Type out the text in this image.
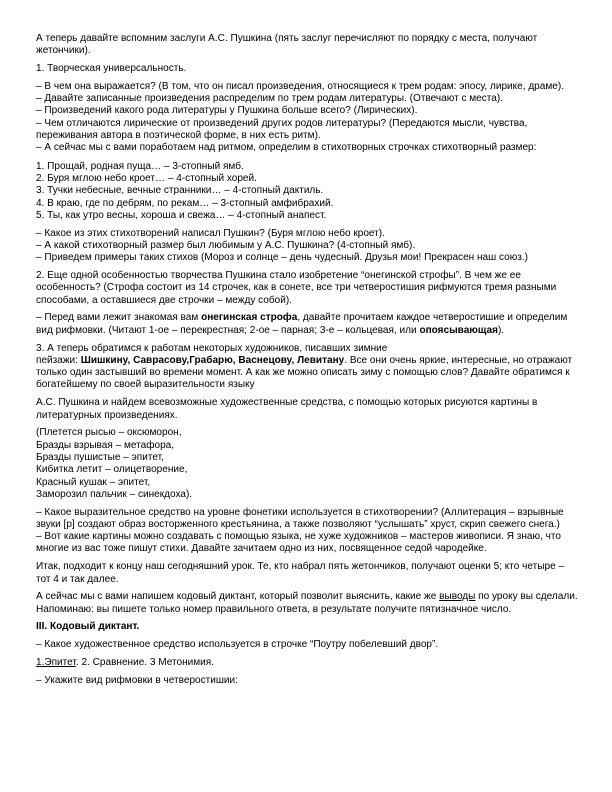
А теперь давайте вспомним заслуги А.С. Пушкина (пять заслуг перечисляют по порядку с места, получают жетончики).

1. Творческая универсальность.

– В чем она выражается? (В том, что он писал произведения, относящиеся к трем родам: эпосу, лирике, драме).
– Давайте записанные произведения распределим по трем родам литературы. (Отвечают с места).
– Произведений какого рода литературы у Пушкина больше всего? (Лирических).
– Чем отличаются лирические от произведений других родов литературы? (Передаются мысли, чувства, переживания автора в поэтической форме, в них есть ритм).
– А сейчас мы с вами поработаем над ритмом, определим в стихотворных строчках стихотворный размер:

1. Прощай, родная пуща… – 3-стопный ямб.
2. Буря мглою небо кроет… – 4-стопный хорей.
3. Тучки небесные, вечные странники… – 4-стопный дактиль.
4. В краю, где по дебрям, по рекам… – 3-стопный амфибрахий.
5. Ты, как утро весны, хороша и свежа… – 4-стопный анапест.

– Какое из этих стихотворений написал Пушкин? (Буря мглою небо кроет).
– А какой стихотворный размер был любимым у А.С. Пушкина? (4-стопный ямб).
– Приведем примеры таких стихов (Мороз и солнце – день чудесный. Друзья мои! Прекрасен наш союз.)

2. Еще одной особенностью творчества Пушкина стало изобретение “онегинской строфы”. В чем же ее особенность? (Строфа состоит из 14 строчек, как в сонете, все три четверостишия рифмуются тремя разными способами, а оставшиеся две строчки – между собой).

– Перед вами лежит знакомая вам онегинская строфа, давайте прочитаем каждое четверостишие и определим вид рифмовки. (Читают 1-ое – перекрестная; 2-ое – парная; 3-е – кольцевая, или опоясывающая).

3. А теперь обратимся к работам некоторых художников, писавших зимние
пейзажи: Шишкину, Саврасову,Грабарю, Васнецову, Левитану. Все они очень яркие, интересные, но отражают только один застывший во времени момент. А как же можно описать зиму с помощью слов? Давайте обратимся к богатейшему по своей выразительности языку

А.С. Пушкина и найдем всевозможные художественные средства, с помощью которых рисуются картины в литературных произведениях.

(Плетется рысью – оксюморон,
Бразды взрывая – метафора,
Бразды пушистые – эпитет,
Кибитка летит – олицетворение,
Красный кушак – эпитет,
Заморозил пальчик – синекдоха).

– Какое выразительное средство на уровне фонетики используется в стихотворении? (Аллитерация – взрывные звуки [р] создают образ восторженного крестьянина, а также позволяют “услышать” хруст, скрип свежего снега.)
– Вот какие картины можно создавать с помощью языка, не хуже художников – мастеров живописи. Я знаю, что многие из вас тоже пишут стихи. Давайте зачитаем одно из них, посвященное седой чародейке.

Итак, подходит к концу наш сегодняшний урок. Те, кто набрал пять жетончиков, получают оценки 5; кто четыре – тот 4 и так далее.

А сейчас мы с вами напишем кодовый диктант, который позволит выяснить, какие же выводы по уроку вы сделали. Напоминаю: вы пишете только номер правильного ответа, в результате получите пятизначное число.

III. Кодовый диктант.

– Какое художественное средство используется в строчке “Поутру побелевший двор”.

1.Эпитет. 2. Сравнение. 3 Метонимия.

– Укажите вид рифмовки в четверостишии:
